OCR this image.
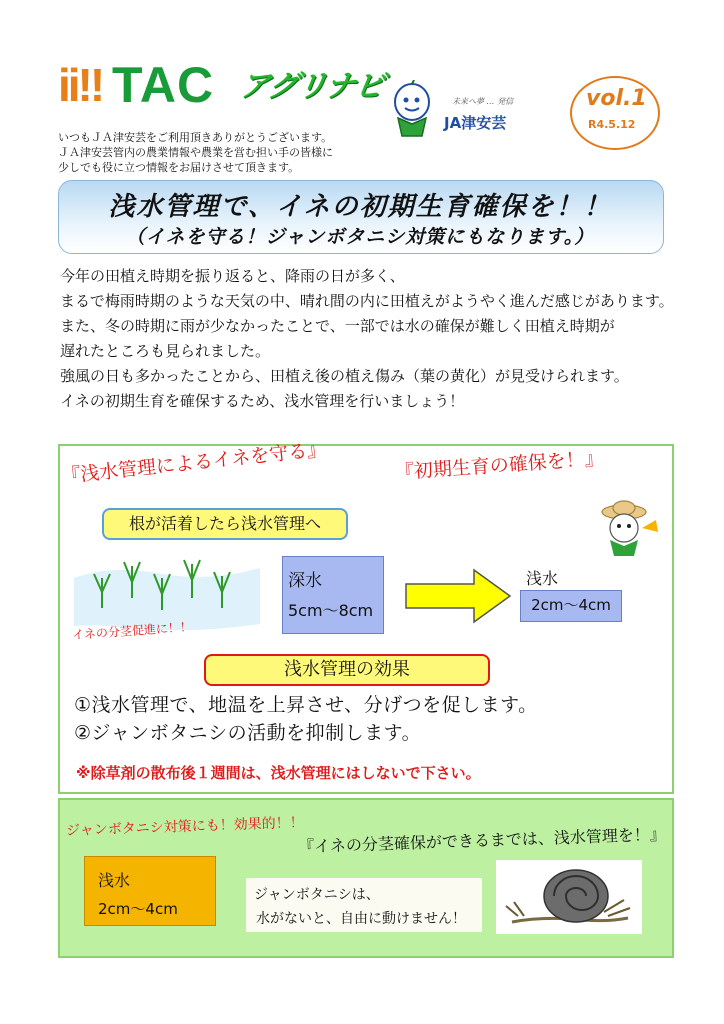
ii!! TAC アグリナビ	未来へ夢 … 発信
JA津安芸
vol.1
R4.5.12
いつもＪＡ津安芸をご利用頂きありがとうございます。
ＪＡ津安芸管内の農業情報や農業を営む担い手の皆様に
少しでも役に立つ情報をお届けさせて頂きます。
浅水管理で、イネの初期生育確保を！！
（イネを守る！ジャンボタニシ対策にもなります。）
今年の田植え時期を振り返ると、降雨の日が多く、
まるで梅雨時期のような天気の中、晴れ間の内に田植えがようやく進んだ感じがあります。
また、冬の時期に雨が少なかったことで、一部では水の確保が難しく田植え時期が
遅れたところも見られました。
強風の日も多かったことから、田植え後の植え傷み（葉の黄化）が見受けられます。
イネの初期生育を確保するため、浅水管理を行いましょう！
『浅水管理によるイネを守る』	『初期生育の確保を！』
根が活着したら浅水管理へ
イネの分茎促進に！！
深水
5cm～8cm
浅水
2cm～4cm
浅水管理の効果
①浅水管理で、地温を上昇させ、分げつを促します。
②ジャンボタニシの活動を抑制します。
※除草剤の散布後１週間は、浅水管理にはしないで下さい。
ジャンボタニシ対策にも！効果的！！
『イネの分茎確保ができるまでは、浅水管理を！』
浅水
2cm～4cm
ジャンボタニシは、
水がないと、自由に動けません！
